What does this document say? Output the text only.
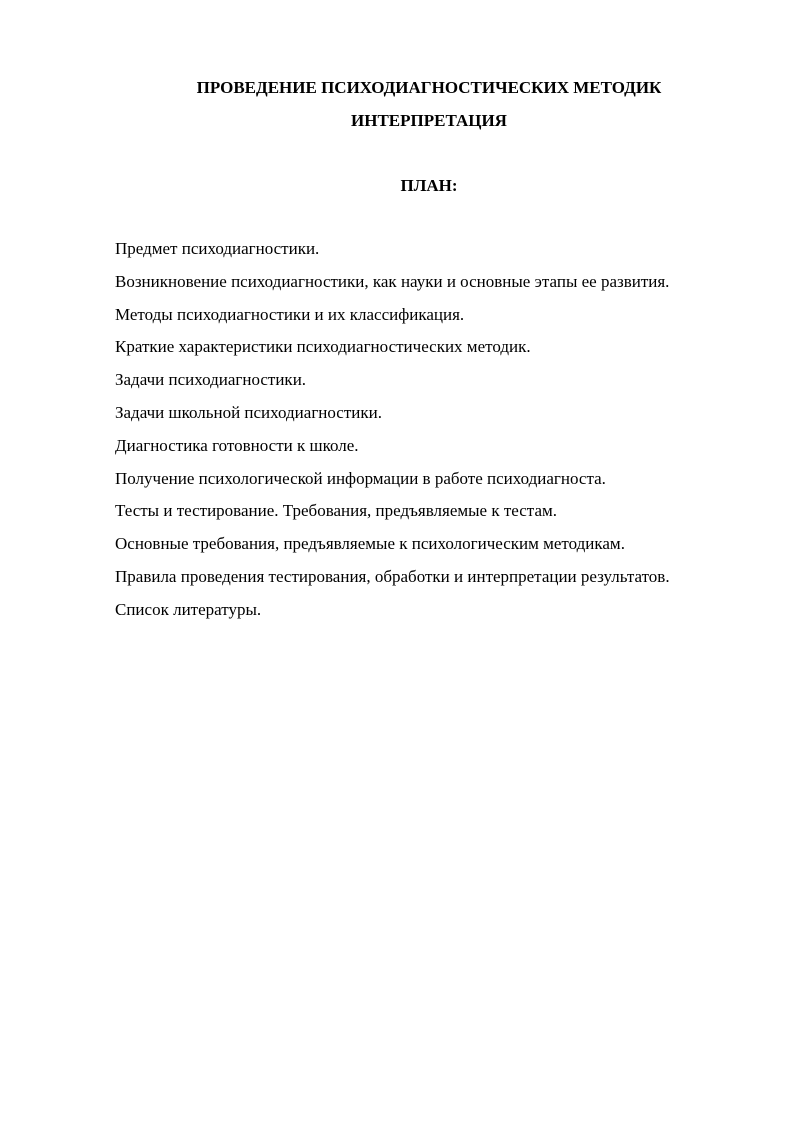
ПРОВЕДЕНИЕ ПСИХОДИАГНОСТИЧЕСКИХ МЕТОДИК
ИНТЕРПРЕТАЦИЯ
ПЛАН:
Предмет психодиагностики.
Возникновение психодиагностики, как науки и основные этапы ее развития.
Методы психодиагностики и их классификация.
Краткие характеристики психодиагностических методик.
Задачи психодиагностики.
Задачи школьной психодиагностики.
Диагностика готовности к школе.
Получение психологической информации в работе психодиагноста.
Тесты и тестирование. Требования, предъявляемые к тестам.
Основные требования, предъявляемые к психологическим методикам.
Правила проведения тестирования, обработки и интерпретации результатов.
Список литературы.
